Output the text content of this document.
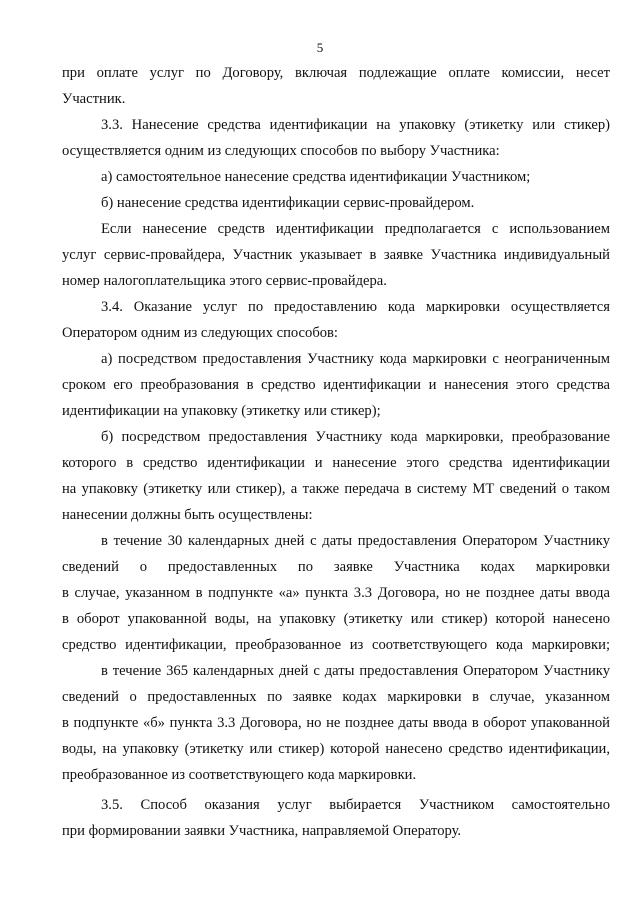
5
при оплате услуг по Договору, включая подлежащие оплате комиссии, несет
Участник.
3.3. Нанесение средства идентификации на упаковку (этикетку или стикер)
осуществляется одним из следующих способов по выбору Участника:
а) самостоятельное нанесение средства идентификации Участником;
б) нанесение средства идентификации сервис-провайдером.
Если нанесение средств идентификации предполагается с использованием
услуг сервис-провайдера, Участник указывает в заявке Участника индивидуальный
номер налогоплательщика этого сервис-провайдера.
3.4. Оказание услуг по предоставлению кода маркировки осуществляется
Оператором одним из следующих способов:
а) посредством предоставления Участнику кода маркировки с неограниченным
сроком его преобразования в средство идентификации и нанесения этого средства
идентификации на упаковку (этикетку или стикер);
б) посредством предоставления Участнику кода маркировки, преобразование
которого в средство идентификации и нанесение этого средства идентификации
на упаковку (этикетку или стикер), а также передача в систему МТ сведений о таком
нанесении должны быть осуществлены:
в течение 30 календарных дней с даты предоставления Оператором Участнику
сведений о предоставленных по заявке Участника кодах маркировки
в случае, указанном в подпункте «а» пункта 3.3 Договора, но не позднее даты ввода
в оборот упакованной воды, на упаковку (этикетку или стикер) которой нанесено
средство идентификации, преобразованное из соответствующего кода маркировки;
в течение 365 календарных дней с даты предоставления Оператором Участнику
сведений о предоставленных по заявке кодах маркировки в случае, указанном
в подпункте «б» пункта 3.3 Договора, но не позднее даты ввода в оборот упакованной
воды, на упаковку (этикетку или стикер) которой нанесено средство идентификации,
преобразованное из соответствующего кода маркировки.
3.5. Способ оказания услуг выбирается Участником самостоятельно
при формировании заявки Участника, направляемой Оператору.
